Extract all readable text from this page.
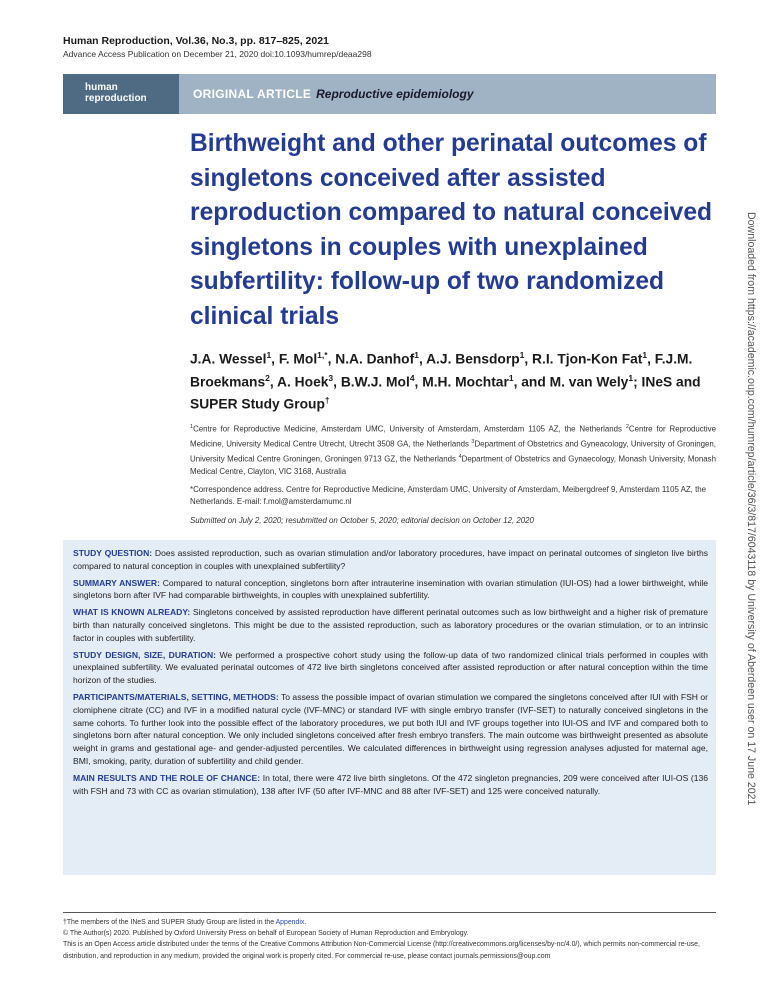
Human Reproduction, Vol.36, No.3, pp. 817–825, 2021
Advance Access Publication on December 21, 2020 doi:10.1093/humrep/deaa298
human
reproduction	ORIGINAL ARTICLE Reproductive epidemiology
Birthweight and other perinatal outcomes of singletons conceived after assisted reproduction compared to natural conceived singletons in couples with unexplained subfertility: follow-up of two randomized clinical trials
J.A. Wessel$^1$, F. Mol$^{1,*}$, N.A. Danhof$^1$, A.J. Bensdorp$^1$, R.I. Tjon-Kon Fat$^1$, F.J.M. Broekmans$^2$, A. Hoek$^3$, B.W.J. Mol$^4$, M.H. Mochtar$^1$, and M. van Wely$^1$; INeS and SUPER Study Group†
$^1$Centre for Reproductive Medicine, Amsterdam UMC, University of Amsterdam, Amsterdam 1105 AZ, the Netherlands $^2$Centre for Reproductive Medicine, University Medical Centre Utrecht, Utrecht 3508 GA, the Netherlands $^3$Department of Obstetrics and Gyneacology, University of Groningen, University Medical Centre Groningen, Groningen 9713 GZ, the Netherlands $^4$Department of Obstetrics and Gynaecology, Monash University, Monash Medical Centre, Clayton, VIC 3168, Australia
*Correspondence address. Centre for Reproductive Medicine, Amsterdam UMC, University of Amsterdam, Meibergdreef 9, Amsterdam 1105 AZ, the Netherlands. E-mail: f.mol@amsterdamumc.nl
Submitted on July 2, 2020; resubmitted on October 5, 2020; editorial decision on October 12, 2020

STUDY QUESTION: Does assisted reproduction, such as ovarian stimulation and/or laboratory procedures, have impact on perinatal outcomes of singleton live births compared to natural conception in couples with unexplained subfertility?

SUMMARY ANSWER: Compared to natural conception, singletons born after intrauterine insemination with ovarian stimulation (IUI-OS) had a lower birthweight, while singletons born after IVF had comparable birthweights, in couples with unexplained subfertility.

WHAT IS KNOWN ALREADY: Singletons conceived by assisted reproduction have different perinatal outcomes such as low birthweight and a higher risk of premature birth than naturally conceived singletons. This might be due to the assisted reproduction, such as laboratory procedures or the ovarian stimulation, or to an intrinsic factor in couples with subfertility.

STUDY DESIGN, SIZE, DURATION: We performed a prospective cohort study using the follow-up data of two randomized clinical trials performed in couples with unexplained subfertility. We evaluated perinatal outcomes of 472 live birth singletons conceived after assisted reproduction or after natural conception within the time horizon of the studies.

PARTICIPANTS/MATERIALS, SETTING, METHODS: To assess the possible impact of ovarian stimulation we compared the singletons conceived after IUI with FSH or clomiphene citrate (CC) and IVF in a modified natural cycle (IVF-MNC) or standard IVF with single embryo transfer (IVF-SET) to naturally conceived singletons in the same cohorts. To further look into the possible effect of the laboratory procedures, we put both IUI and IVF groups together into IUI-OS and IVF and compared both to singletons born after natural conception. We only included singletons conceived after fresh embryo transfers. The main outcome was birthweight presented as absolute weight in grams and gestational age- and gender-adjusted percentiles. We calculated differences in birthweight using regression analyses adjusted for maternal age, BMI, smoking, parity, duration of subfertility and child gender.

MAIN RESULTS AND THE ROLE OF CHANCE: In total, there were 472 live birth singletons. Of the 472 singleton pregnancies, 209 were conceived after IUI-OS (136 with FSH and 73 with CC as ovarian stimulation), 138 after IVF (50 after IVF-MNC and 88 after IVF-SET) and 125 were conceived naturally.

†The members of the INeS and SUPER Study Group are listed in the Appendix.
© The Author(s) 2020. Published by Oxford University Press on behalf of European Society of Human Reproduction and Embryology.
This is an Open Access article distributed under the terms of the Creative Commons Attribution Non-Commercial License (http://creativecommons.org/licenses/by-nc/4.0/), which permits non-commercial re-use, distribution, and reproduction in any medium, provided the original work is properly cited. For commercial re-use, please contact journals.permissions@oup.com
Downloaded from https://academic.oup.com/humrep/article/36/3/817/6043118 by University of Aberdeen user on 17 June 2021
